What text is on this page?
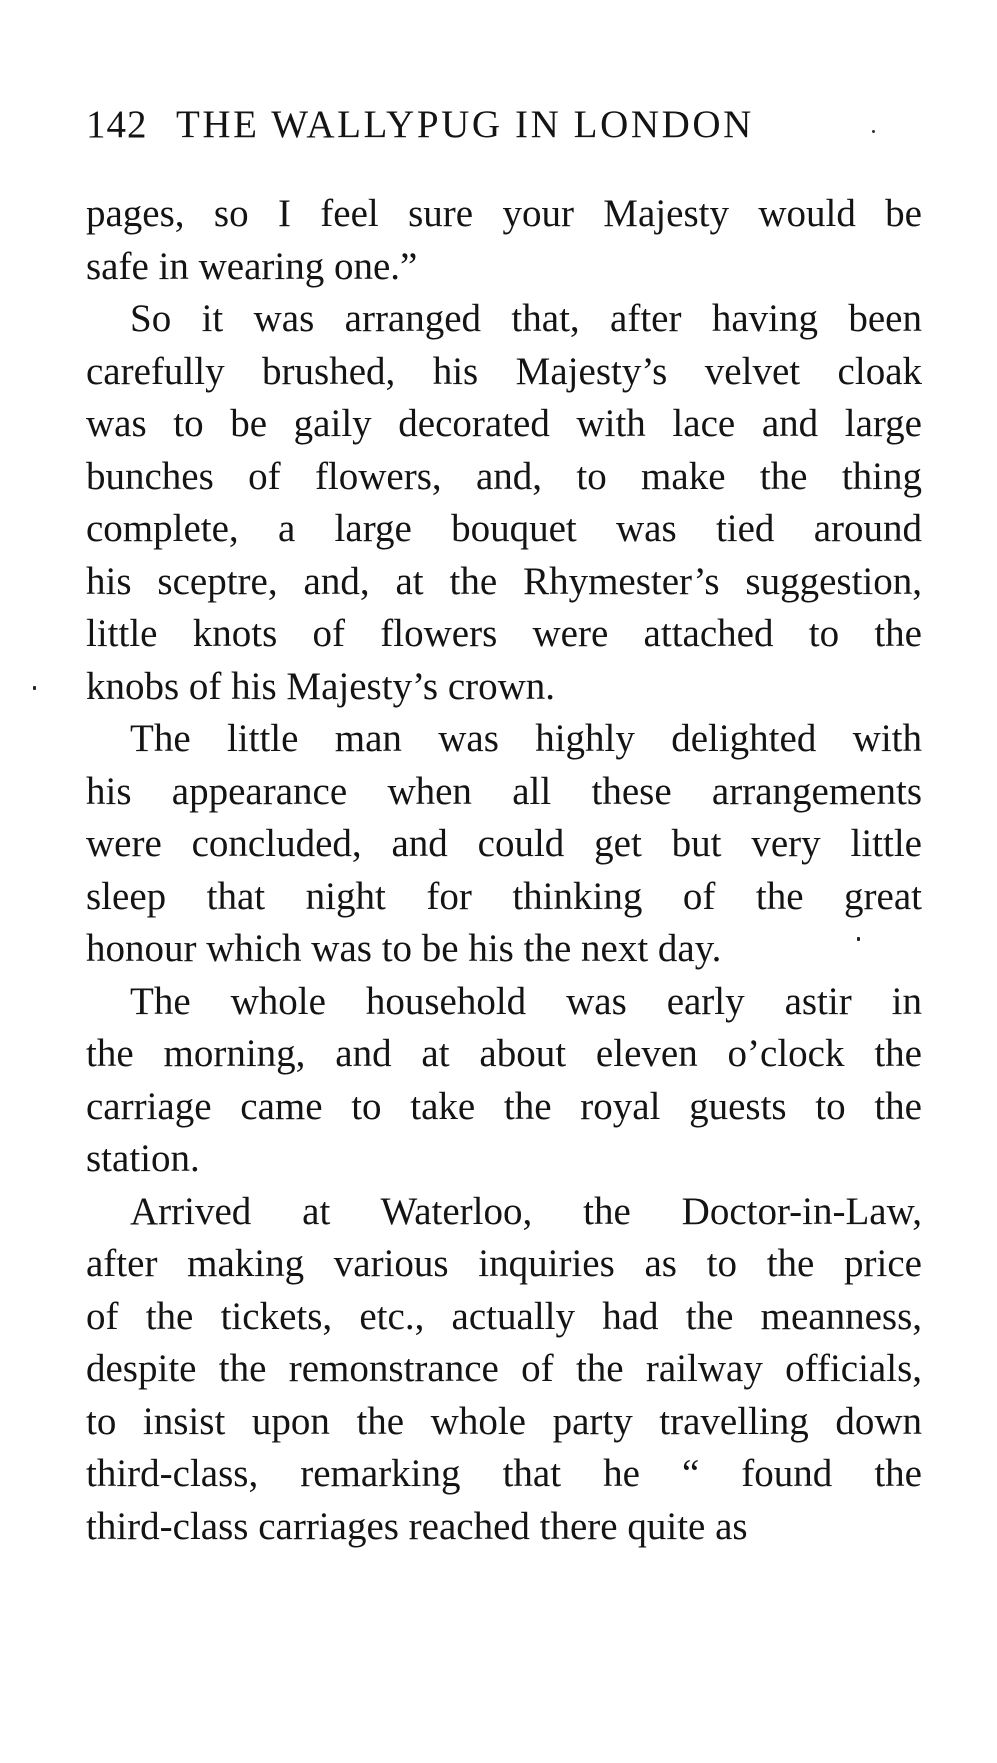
142 THE WALLYPUG IN LONDON
pages, so I feel sure your Majesty would be
safe in wearing one.”
So it was arranged that, after having been
carefully brushed, his Majesty’s velvet cloak
was to be gaily decorated with lace and large
bunches of flowers, and, to make the thing
complete, a large bouquet was tied around
his sceptre, and, at the Rhymester’s suggestion,
little knots of flowers were attached to the
knobs of his Majesty’s crown.
The little man was highly delighted with
his appearance when all these arrangements
were concluded, and could get but very little
sleep that night for thinking of the great
honour which was to be his the next day.
The whole household was early astir in
the morning, and at about eleven o’clock the
carriage came to take the royal guests to the
station.
Arrived at Waterloo, the Doctor-in-Law,
after making various inquiries as to the price
of the tickets, etc., actually had the meanness,
despite the remonstrance of the railway officials,
to insist upon the whole party travelling down
third-class, remarking that he “ found the
third-class carriages reached there quite as
